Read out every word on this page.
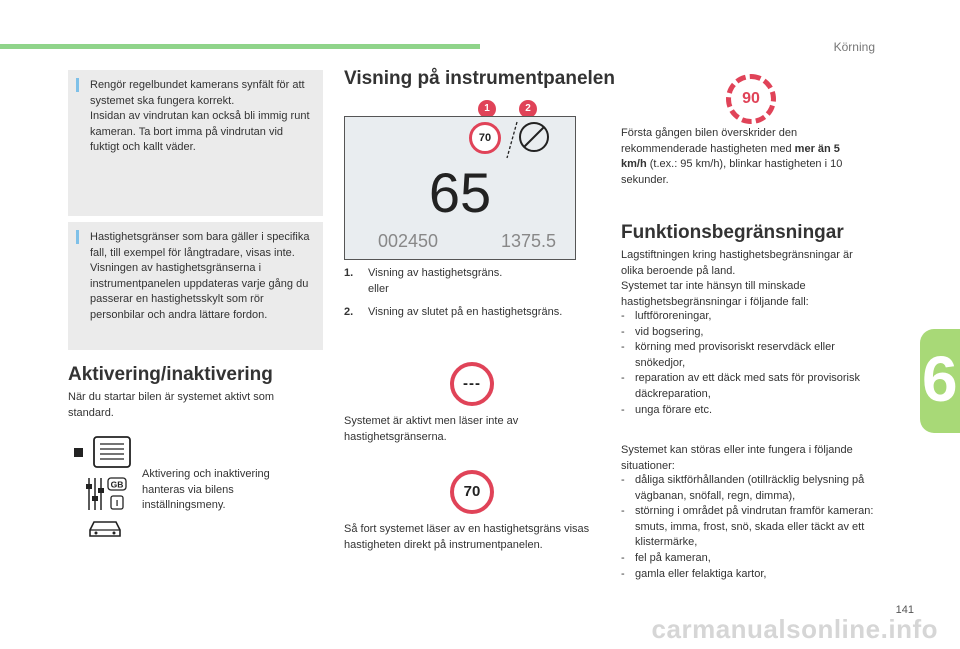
Körning
6

Rengör regelbundet kamerans synfält för att systemet ska fungera korrekt.
Insidan av vindrutan kan också bli immig runt kameran. Ta bort imma på vindrutan vid fuktigt och kallt väder.

Hastighetsgränser som bara gäller i specifika fall, till exempel för långtradare, visas inte.
Visningen av hastighetsgränserna i instrumentpanelen uppdateras varje gång du passerar en hastighetsskylt som rör personbilar och andra lättare fordon.

Aktivering/inaktivering

När du startar bilen är systemet aktivt som standard.

GB
I

Aktivering och inaktivering hanteras via bilens inställningsmeny.

Visning på instrumentpanelen
1	2
70
65
002450	1375.5
1. Visning av hastighetsgräns.
eller
2. Visning av slutet på en hastighetsgräns.
---

Systemet är aktivt men läser inte av hastighetsgränserna.

70

Så fort systemet läser av en hastighetsgräns visas hastigheten direkt på instrumentpanelen.

90

Första gången bilen överskrider den rekommenderade hastigheten med mer än 5 km/h (t.ex.: 95 km/h), blinkar hastigheten i 10 sekunder.

Funktionsbegränsningar

Lagstiftningen kring hastighetsbegränsningar är olika beroende på land.
Systemet tar inte hänsyn till minskade hastighetsbegränsningar i följande fall:

- luftföroreningar,
- vid bogsering,
- körning med provisoriskt reservdäck eller snökedjor,
- reparation av ett däck med sats för provisorisk däckreparation,
- unga förare etc.

Systemet kan störas eller inte fungera i följande situationer:

- dåliga siktförhållanden (otillräcklig belysning på vägbanan, snöfall, regn, dimma),
- störning i området på vindrutan framför kameran: smuts, imma, frost, snö, skada eller täckt av ett klistermärke,
- fel på kameran,
- gamla eller felaktiga kartor,
141
carmanualsonline.info
